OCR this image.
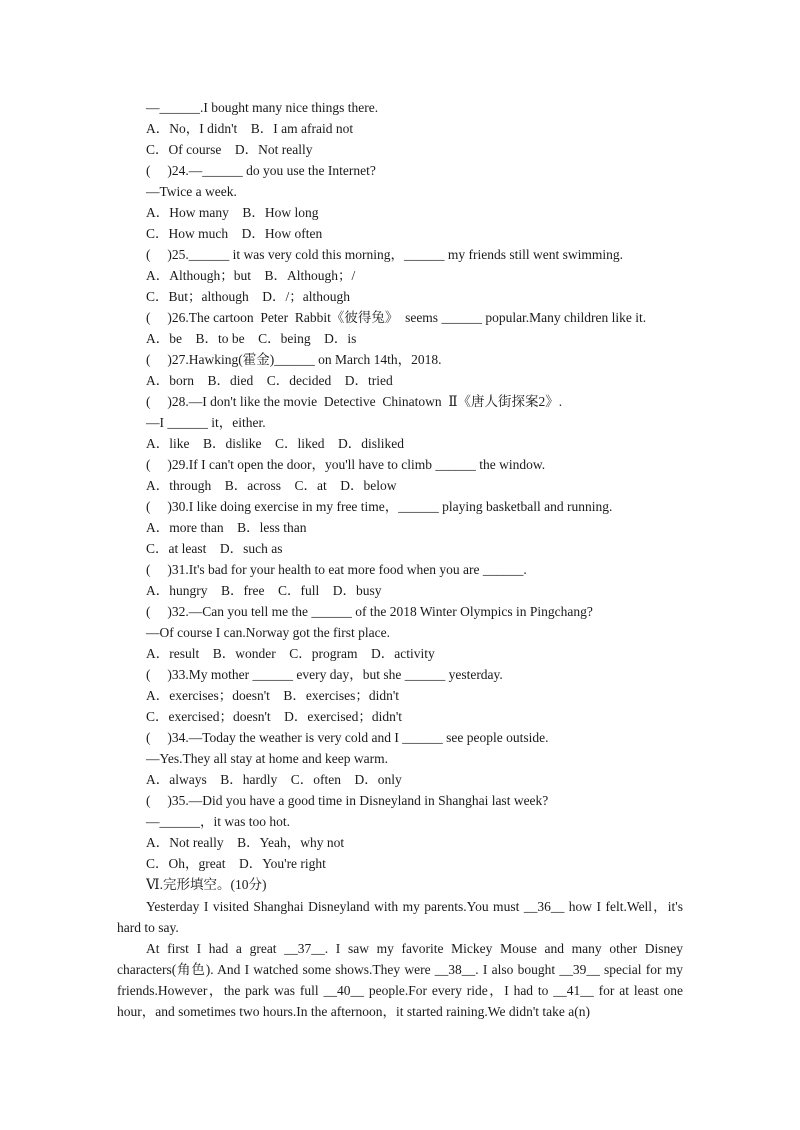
—______.I bought many nice things there.
A．No，I didn't    B．I am afraid not
C．Of course    D．Not really
(     )24.—______ do you use the Internet?
—Twice a week.
A．How many    B．How long
C．How much    D．How often
(     )25.______ it was very cold this morning，______ my friends still went swimming.
A．Although；but    B．Although；/
C．But；although    D．/；although
(     )26.The cartoon  Peter  Rabbit《彼得兔》  seems ______ popular.Many children like it.
A．be    B．to be    C．being    D．is
(     )27.Hawking(霍金)______ on March 14th，2018.
A．born    B．died    C．decided    D．tried
(     )28.—I don't like the movie  Detective  Chinatown  Ⅱ《唐人街探案2》.
—I ______ it，either.
A．like    B．dislike    C．liked    D．disliked
(     )29.If I can't open the door，you'll have to climb ______ the window.
A．through    B．across    C．at    D．below
(     )30.I like doing exercise in my free time，______ playing basketball and running.
A．more than    B．less than
C．at least    D．such as
(     )31.It's bad for your health to eat more food when you are ______.
A．hungry    B．free    C．full    D．busy
(     )32.—Can you tell me the ______ of the 2018 Winter Olympics in Pingchang?
—Of course I can.Norway got the first place.
A．result    B．wonder    C．program    D．activity
(     )33.My mother ______ every day，but she ______ yesterday.
A．exercises；doesn't    B．exercises；didn't
C．exercised；doesn't    D．exercised；didn't
(     )34.—Today the weather is very cold and I ______ see people outside.
—Yes.They all stay at home and keep warm.
A．always    B．hardly    C．often    D．only
(     )35.—Did you have a good time in Disneyland in Shanghai last week?
—______，it was too hot.
A．Not really    B．Yeah，why not
C．Oh，great    D．You're right
Ⅵ.完形填空。(10分)
Yesterday I visited Shanghai Disneyland with my parents.You must __36__ how I felt.Well，it's hard to say.
At first I had a great __37__. I saw my favorite Mickey Mouse and many other Disney characters(角色). And I watched some shows.They were __38__. I also bought __39__ special for my friends.However，the park was full __40__ people.For every ride，I had to __41__ for at least one hour，and sometimes two hours.In the afternoon，it started raining.We didn't take a(n)
